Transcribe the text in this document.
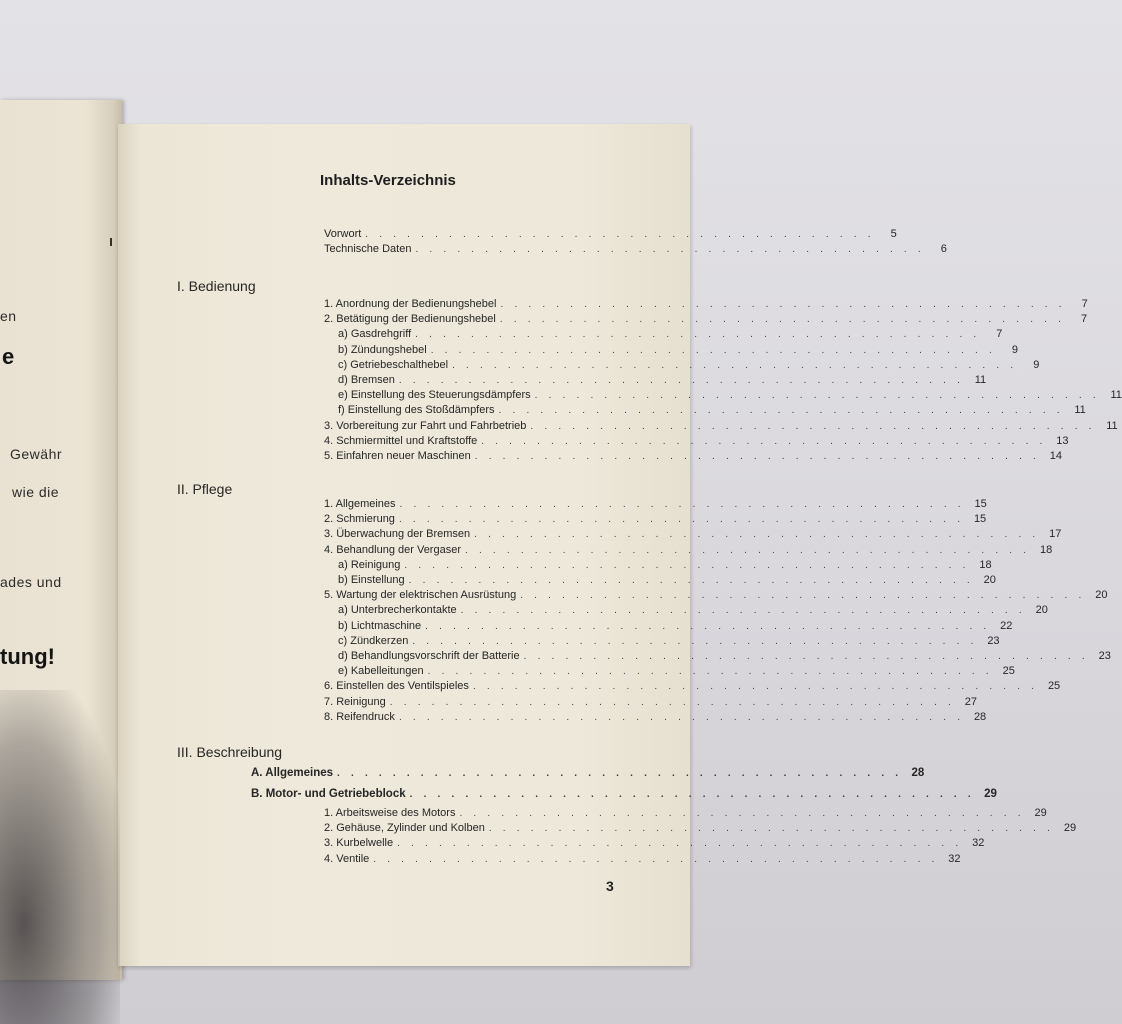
en
e
Gewähr
wie die
ades und
tung!
Inhalts-Verzeichnis
Vorwort . . . . . . . . . . . . . . . . . . . . . . . . . . . . . . . . . . . . .	5
Technische Daten . . . . . . . . . . . . . . . . . . . . . . . . . . . . . . . . . . . . .	6
I. Bedienung
1. Anordnung der Bedienungshebel . . . . . . . . . . . . . . . . . . . . . . . . . . . . . . . . . . . . . . . . .	7
2. Betätigung der Bedienungshebel . . . . . . . . . . . . . . . . . . . . . . . . . . . . . . . . . . . . . . . . .	7
a) Gasdrehgriff . . . . . . . . . . . . . . . . . . . . . . . . . . . . . . . . . . . . . . . . .	7
b) Zündungshebel . . . . . . . . . . . . . . . . . . . . . . . . . . . . . . . . . . . . . . . . .	9
c) Getriebeschalthebel . . . . . . . . . . . . . . . . . . . . . . . . . . . . . . . . . . . . . . . . .	9
d) Bremsen . . . . . . . . . . . . . . . . . . . . . . . . . . . . . . . . . . . . . . . . . 11
e) Einstellung des Steuerungsdämpfers . . . . . . . . . . . . . . . . . . . . . . . . . . . . . . . . . . . . . . . . . 11
f) Einstellung des Stoßdämpfers . . . . . . . . . . . . . . . . . . . . . . . . . . . . . . . . . . . . . . . . . 11
3. Vorbereitung zur Fahrt und Fahrbetrieb . . . . . . . . . . . . . . . . . . . . . . . . . . . . . . . . . . . . . . . . . 11
4. Schmiermittel und Kraftstoffe . . . . . . . . . . . . . . . . . . . . . . . . . . . . . . . . . . . . . . . . . 13
5. Einfahren neuer Maschinen . . . . . . . . . . . . . . . . . . . . . . . . . . . . . . . . . . . . . . . . . 14
II. Pflege
1. Allgemeines . . . . . . . . . . . . . . . . . . . . . . . . . . . . . . . . . . . . . . . . . 15
2. Schmierung . . . . . . . . . . . . . . . . . . . . . . . . . . . . . . . . . . . . . . . . . 15
3. Überwachung der Bremsen . . . . . . . . . . . . . . . . . . . . . . . . . . . . . . . . . . . . . . . . . 17
4. Behandlung der Vergaser . . . . . . . . . . . . . . . . . . . . . . . . . . . . . . . . . . . . . . . . . 18
a) Reinigung . . . . . . . . . . . . . . . . . . . . . . . . . . . . . . . . . . . . . . . . . 18
b) Einstellung . . . . . . . . . . . . . . . . . . . . . . . . . . . . . . . . . . . . . . . . . 20
5. Wartung der elektrischen Ausrüstung . . . . . . . . . . . . . . . . . . . . . . . . . . . . . . . . . . . . . . . . . 20
a) Unterbrecherkontakte . . . . . . . . . . . . . . . . . . . . . . . . . . . . . . . . . . . . . . . . . 20
b) Lichtmaschine . . . . . . . . . . . . . . . . . . . . . . . . . . . . . . . . . . . . . . . . . 22
c) Zündkerzen . . . . . . . . . . . . . . . . . . . . . . . . . . . . . . . . . . . . . . . . . 23
d) Behandlungsvorschrift der Batterie . . . . . . . . . . . . . . . . . . . . . . . . . . . . . . . . . . . . . . . . . 23
e) Kabelleitungen . . . . . . . . . . . . . . . . . . . . . . . . . . . . . . . . . . . . . . . . . 25
6. Einstellen des Ventilspieles . . . . . . . . . . . . . . . . . . . . . . . . . . . . . . . . . . . . . . . . . 25
7. Reinigung . . . . . . . . . . . . . . . . . . . . . . . . . . . . . . . . . . . . . . . . . 27
8. Reifendruck . . . . . . . . . . . . . . . . . . . . . . . . . . . . . . . . . . . . . . . . . 28
III. Beschreibung
A. Allgemeines . . . . . . . . . . . . . . . . . . . . . . . . . . . . . . . . . . . . . . . . . 28
B. Motor- und Getriebeblock . . . . . . . . . . . . . . . . . . . . . . . . . . . . . . . . . . . . . . . . . 29
1. Arbeitsweise des Motors . . . . . . . . . . . . . . . . . . . . . . . . . . . . . . . . . . . . . . . . . 29
2. Gehäuse, Zylinder und Kolben . . . . . . . . . . . . . . . . . . . . . . . . . . . . . . . . . . . . . . . . . 29
3. Kurbelwelle . . . . . . . . . . . . . . . . . . . . . . . . . . . . . . . . . . . . . . . . . 32
4. Ventile . . . . . . . . . . . . . . . . . . . . . . . . . . . . . . . . . . . . . . . . . 32
3
